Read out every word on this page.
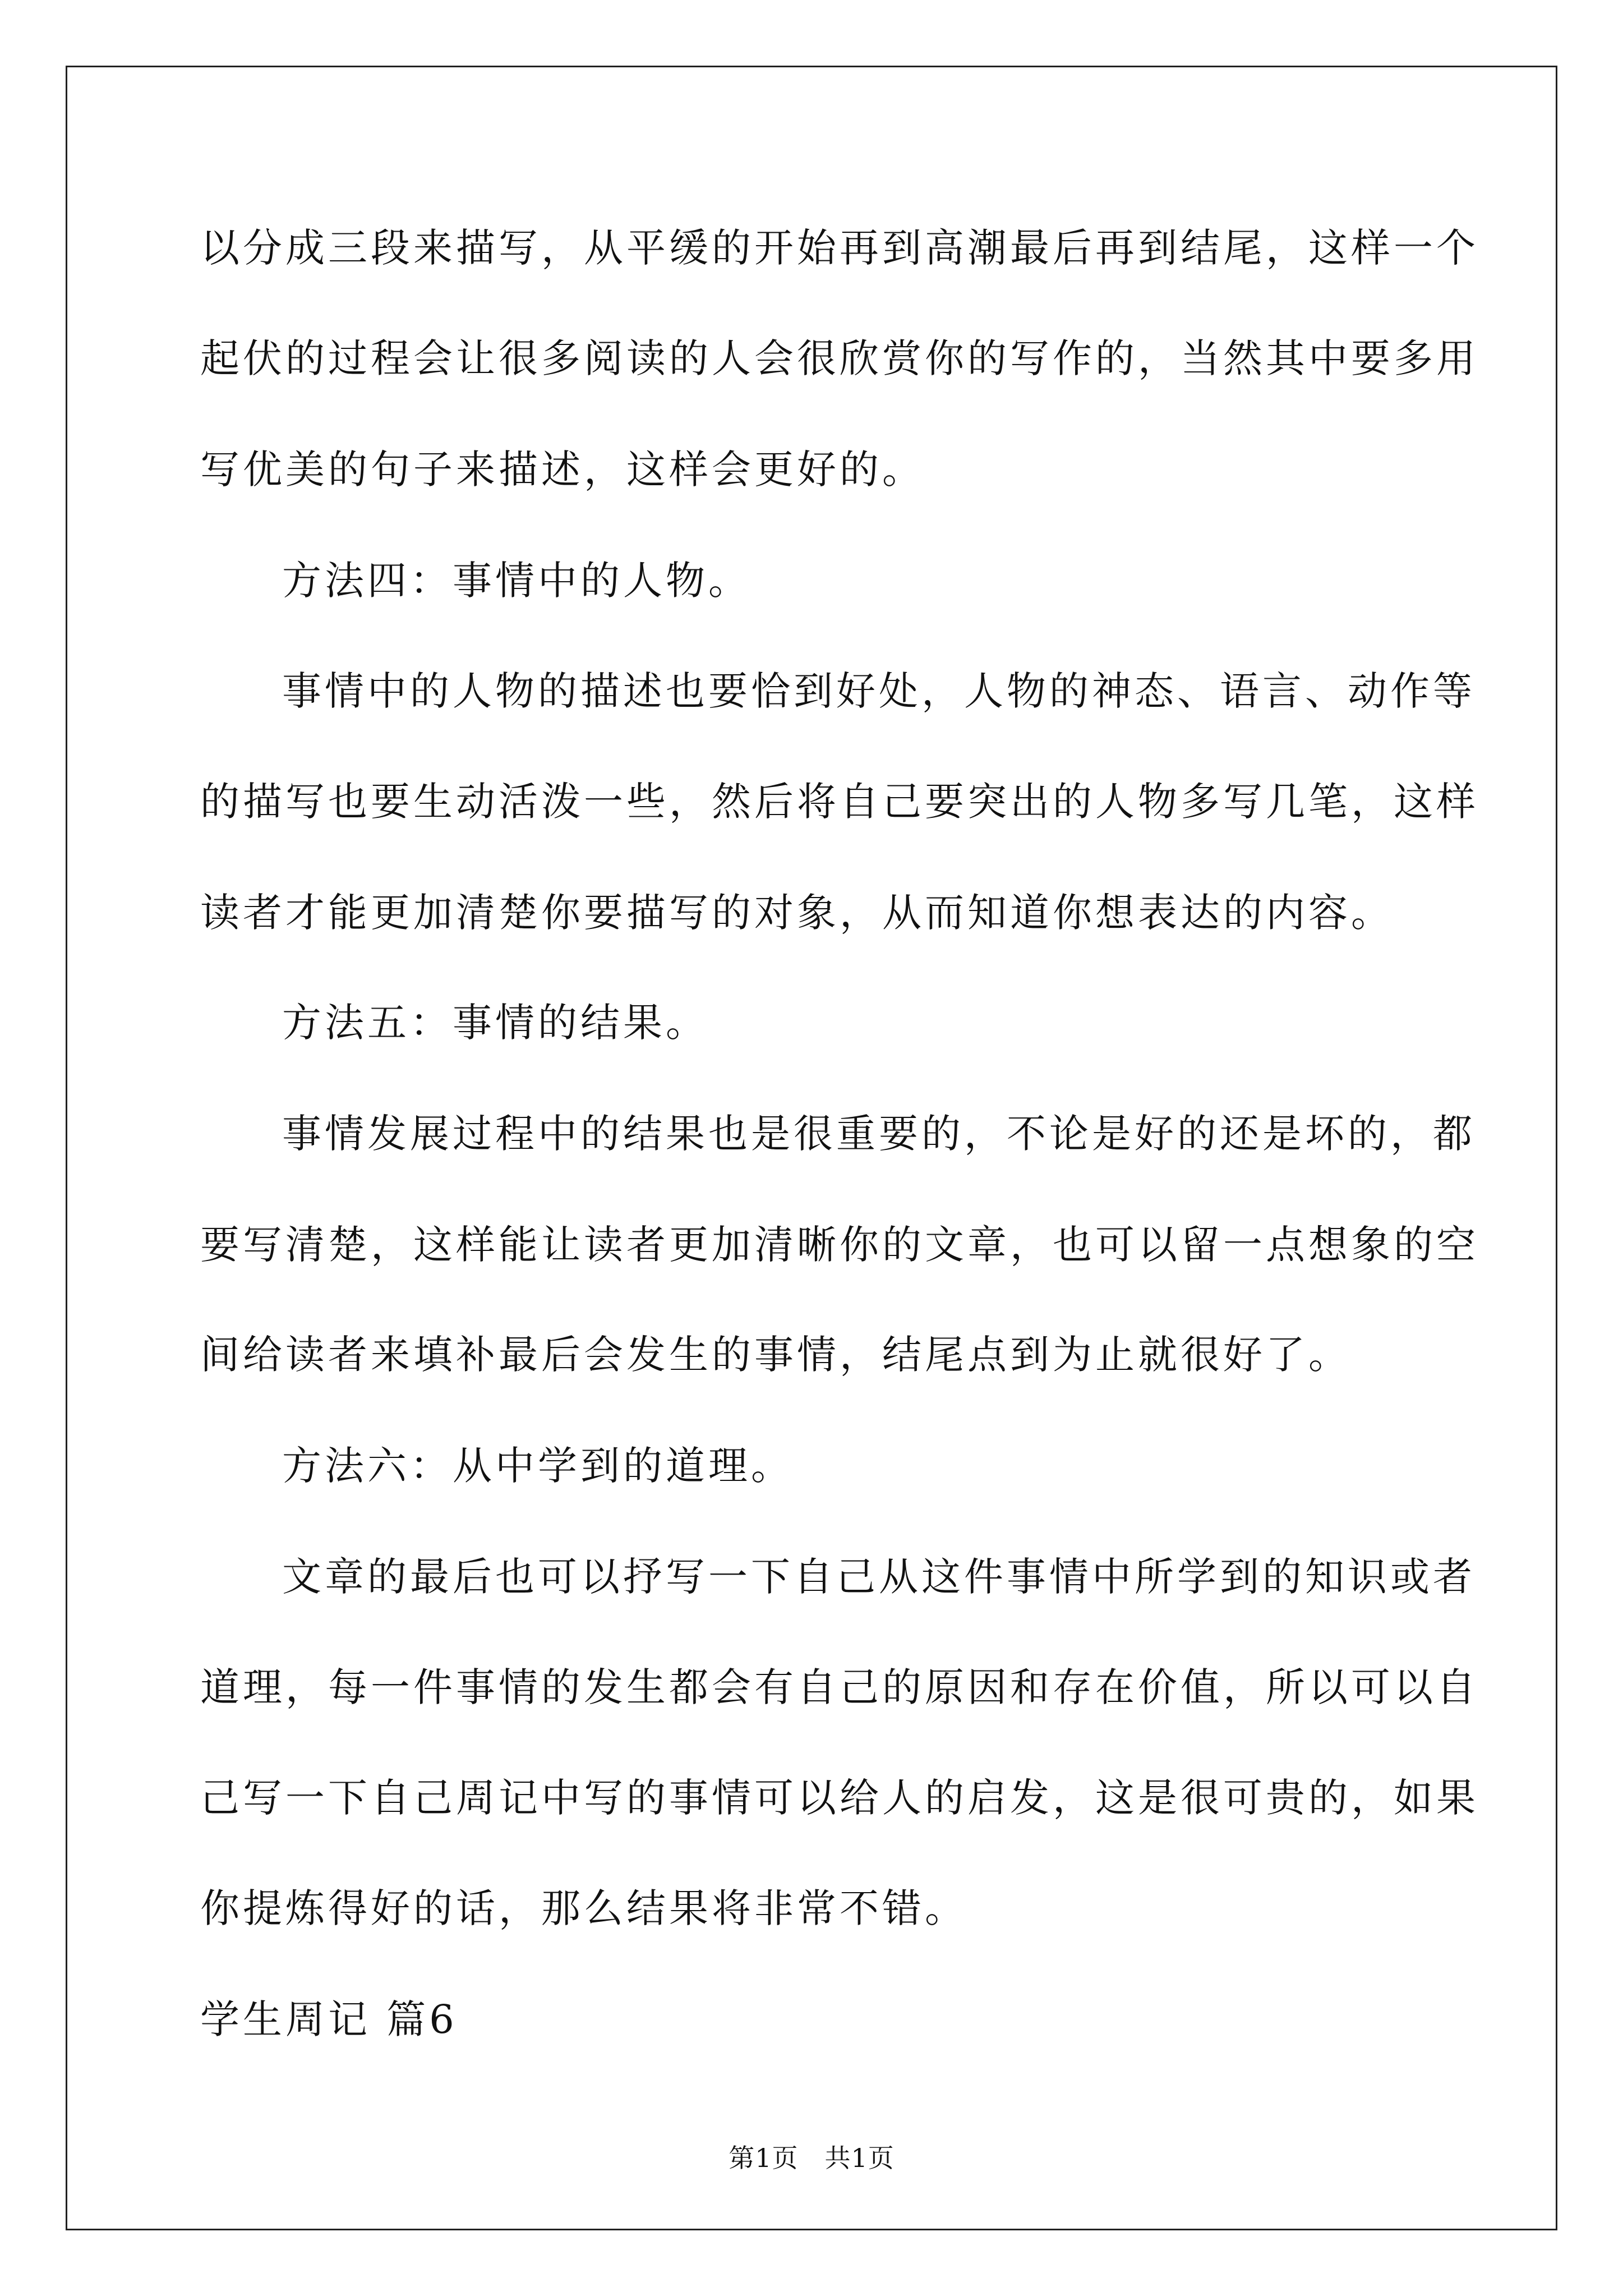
以分成三段来描写，从平缓的开始再到高潮最后再到结尾，这样一个
起伏的过程会让很多阅读的人会很欣赏你的写作的，当然其中要多用
写优美的句子来描述，这样会更好的。
方法四：事情中的人物。
事情中的人物的描述也要恰到好处，人物的神态、语言、动作等
的描写也要生动活泼一些，然后将自己要突出的人物多写几笔，这样
读者才能更加清楚你要描写的对象，从而知道你想表达的内容。
方法五：事情的结果。
事情发展过程中的结果也是很重要的，不论是好的还是坏的，都
要写清楚，这样能让读者更加清晰你的文章，也可以留一点想象的空
间给读者来填补最后会发生的事情，结尾点到为止就很好了。
方法六：从中学到的道理。
文章的最后也可以抒写一下自己从这件事情中所学到的知识或者
道理，每一件事情的发生都会有自己的原因和存在价值，所以可以自
己写一下自己周记中写的事情可以给人的启发，这是很可贵的，如果
你提炼得好的话，那么结果将非常不错。
学生周记 篇6
第1页　共1页
